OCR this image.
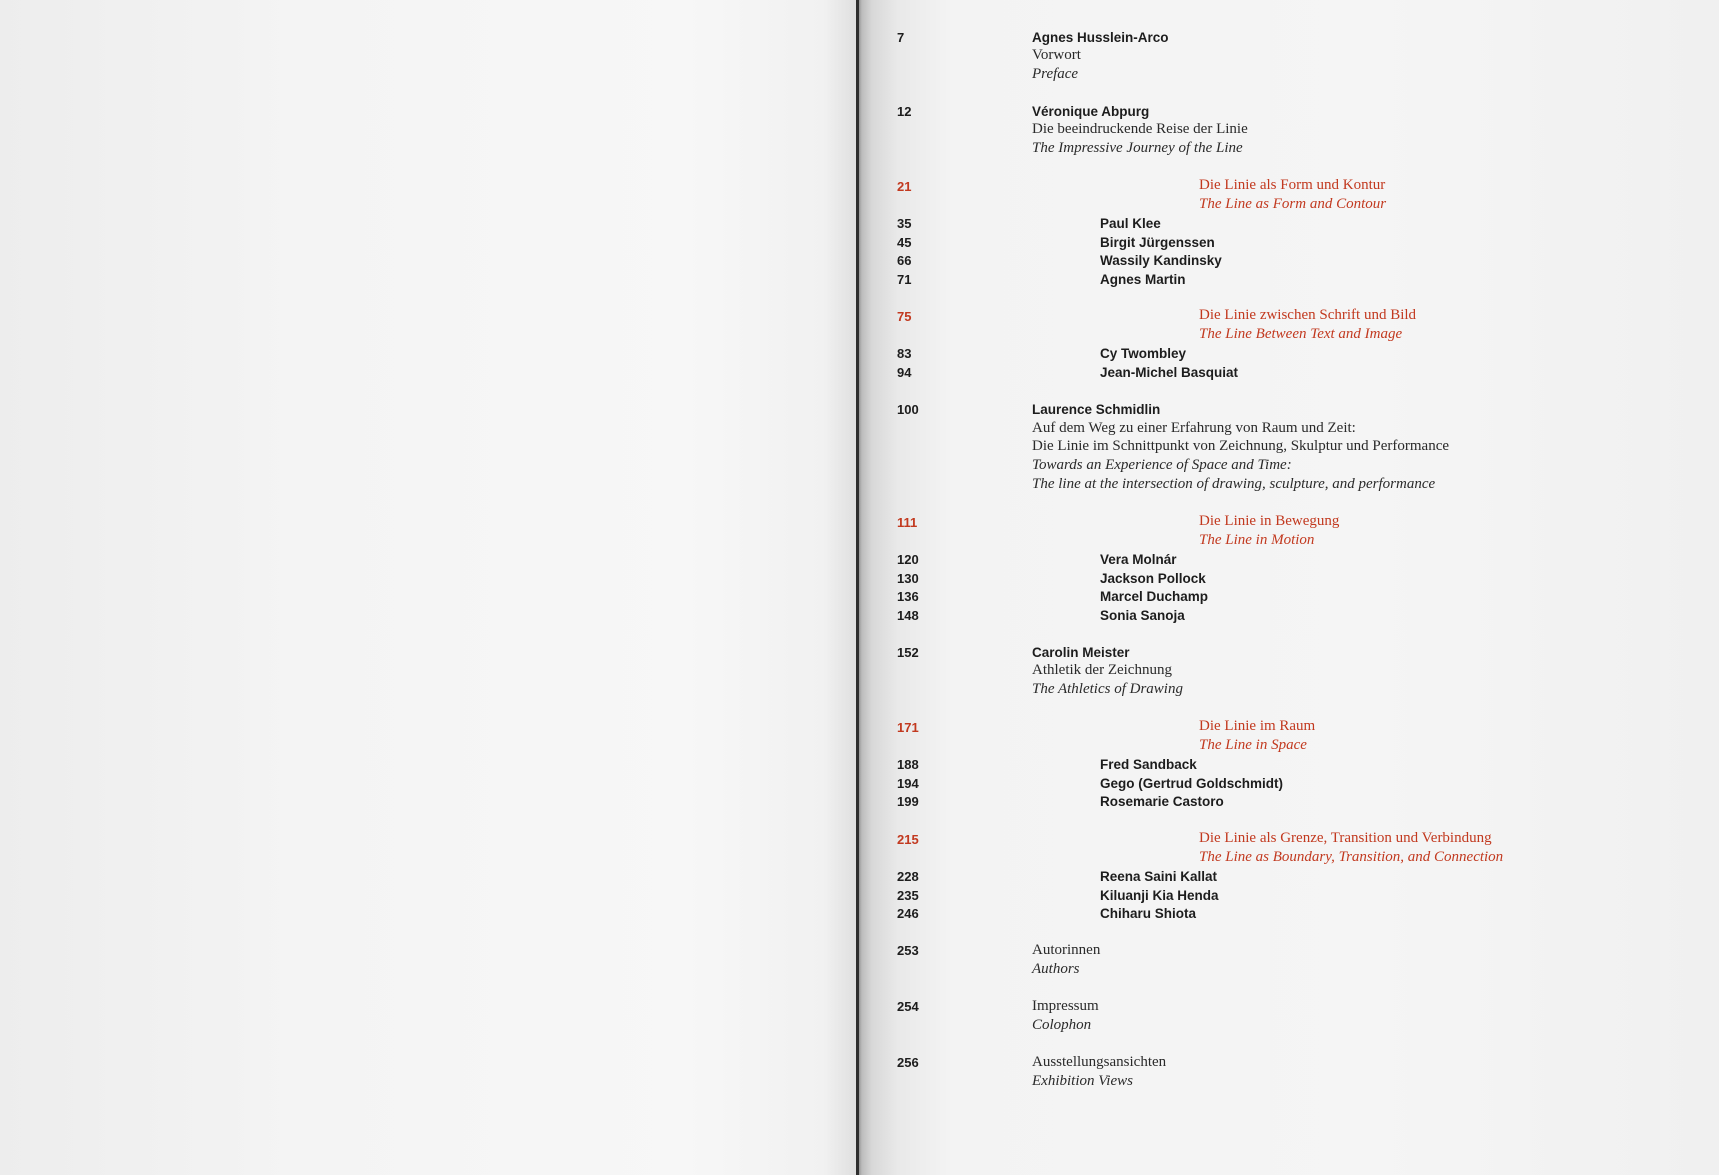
7	Agnes Husslein-Arco
Vorwort
Preface
12	Véronique Abpurg
Die beeindruckende Reise der Linie
The Impressive Journey of the Line
21	Die Linie als Form und Kontur
The Line as Form and Contour
35	Paul Klee
45	Birgit Jürgenssen
66	Wassily Kandinsky
71	Agnes Martin
75	Die Linie zwischen Schrift und Bild
The Line Between Text and Image
83	Cy Twombley
94	Jean-Michel Basquiat
100	Laurence Schmidlin
Auf dem Weg zu einer Erfahrung von Raum und Zeit:
Die Linie im Schnittpunkt von Zeichnung, Skulptur und Performance
Towards an Experience of Space and Time:
The line at the intersection of drawing, sculpture, and performance
111	Die Linie in Bewegung
The Line in Motion
120	Vera Molnár
130	Jackson Pollock
136	Marcel Duchamp
148	Sonia Sanoja
152	Carolin Meister
Athletik der Zeichnung
The Athletics of Drawing
171	Die Linie im Raum
The Line in Space
188	Fred Sandback
194	Gego (Gertrud Goldschmidt)
199	Rosemarie Castoro
215	Die Linie als Grenze, Transition und Verbindung
The Line as Boundary, Transition, and Connection
228	Reena Saini Kallat
235	Kiluanji Kia Henda
246	Chiharu Shiota
253	Autorinnen
Authors
254	Impressum
Colophon
256	Ausstellungsansichten
Exhibition Views
